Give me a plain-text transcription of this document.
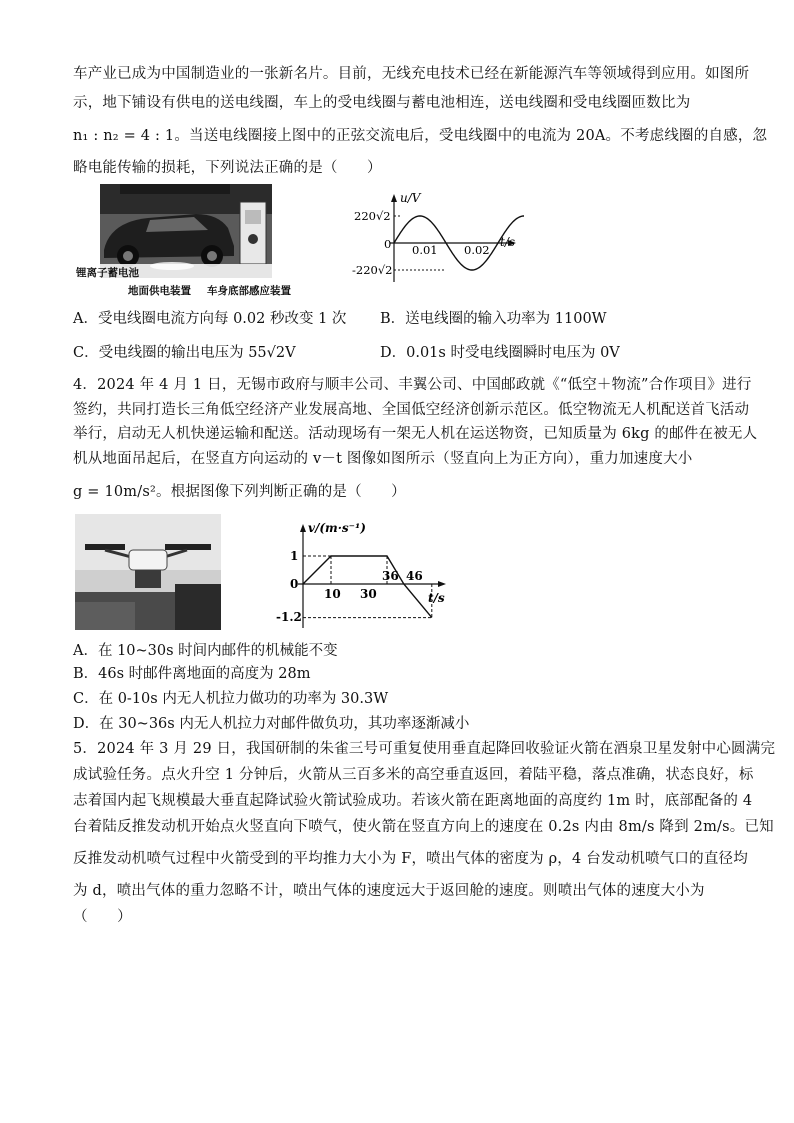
车产业已成为中国制造业的一张新名片。目前，无线充电技术已经在新能源汽车等领域得到应用。如图所
示，地下铺设有供电的送电线圈，车上的受电线圈与蓄电池相连，送电线圈和受电线圈匝数比为
n₁ : n₂ = 4 : 1。当送电线圈接上图中的正弦交流电后，受电线圈中的电流为 20A。不考虑线圈的自感，忽
略电能传输的损耗，下列说法正确的是（　　）
锂离子蓄电池
地面供电装置 车身底部感应装置
u/V
t/s
220√2
-220√2
0 0.01 0.02
A．受电线圈电流方向每 0.02 秒改变 1 次 B．送电线圈的输入功率为 1100W
C．受电线圈的输出电压为 55√2V	D．0.01s 时受电线圈瞬时电压为 0V
4．2024 年 4 月 1 日，无锡市政府与顺丰公司、丰翼公司、中国邮政就《“低空＋物流”合作项目》进行
签约，共同打造长三角低空经济产业发展高地、全国低空经济创新示范区。低空物流无人机配送首飞活动
举行，启动无人机快递运输和配送。活动现场有一架无人机在运送物资，已知质量为 6kg 的邮件在被无人
机从地面吊起后，在竖直方向运动的 v－t 图像如图所示（竖直向上为正方向），重力加速度大小
g = 10m/s²。根据图像下列判断正确的是（　　）
v/(m·s⁻¹)
t/s
1
0
-1.2
10 30
36 46
A．在 10~30s 时间内邮件的机械能不变
B．46s 时邮件离地面的高度为 28m
C．在 0-10s 内无人机拉力做功的功率为 30.3W
D．在 30~36s 内无人机拉力对邮件做负功，其功率逐渐减小
5．2024 年 3 月 29 日，我国研制的朱雀三号可重复使用垂直起降回收验证火箭在酒泉卫星发射中心圆满完
成试验任务。点火升空 1 分钟后，火箭从三百多米的高空垂直返回，着陆平稳，落点准确，状态良好，标
志着国内起飞规模最大垂直起降试验火箭试验成功。若该火箭在距离地面的高度约 1m 时，底部配备的 4
台着陆反推发动机开始点火竖直向下喷气，使火箭在竖直方向上的速度在 0.2s 内由 8m/s 降到 2m/s。已知
反推发动机喷气过程中火箭受到的平均推力大小为 F，喷出气体的密度为 ρ，4 台发动机喷气口的直径均
为 d，喷出气体的重力忽略不计，喷出气体的速度远大于返回舱的速度。则喷出气体的速度大小为
（　　）
